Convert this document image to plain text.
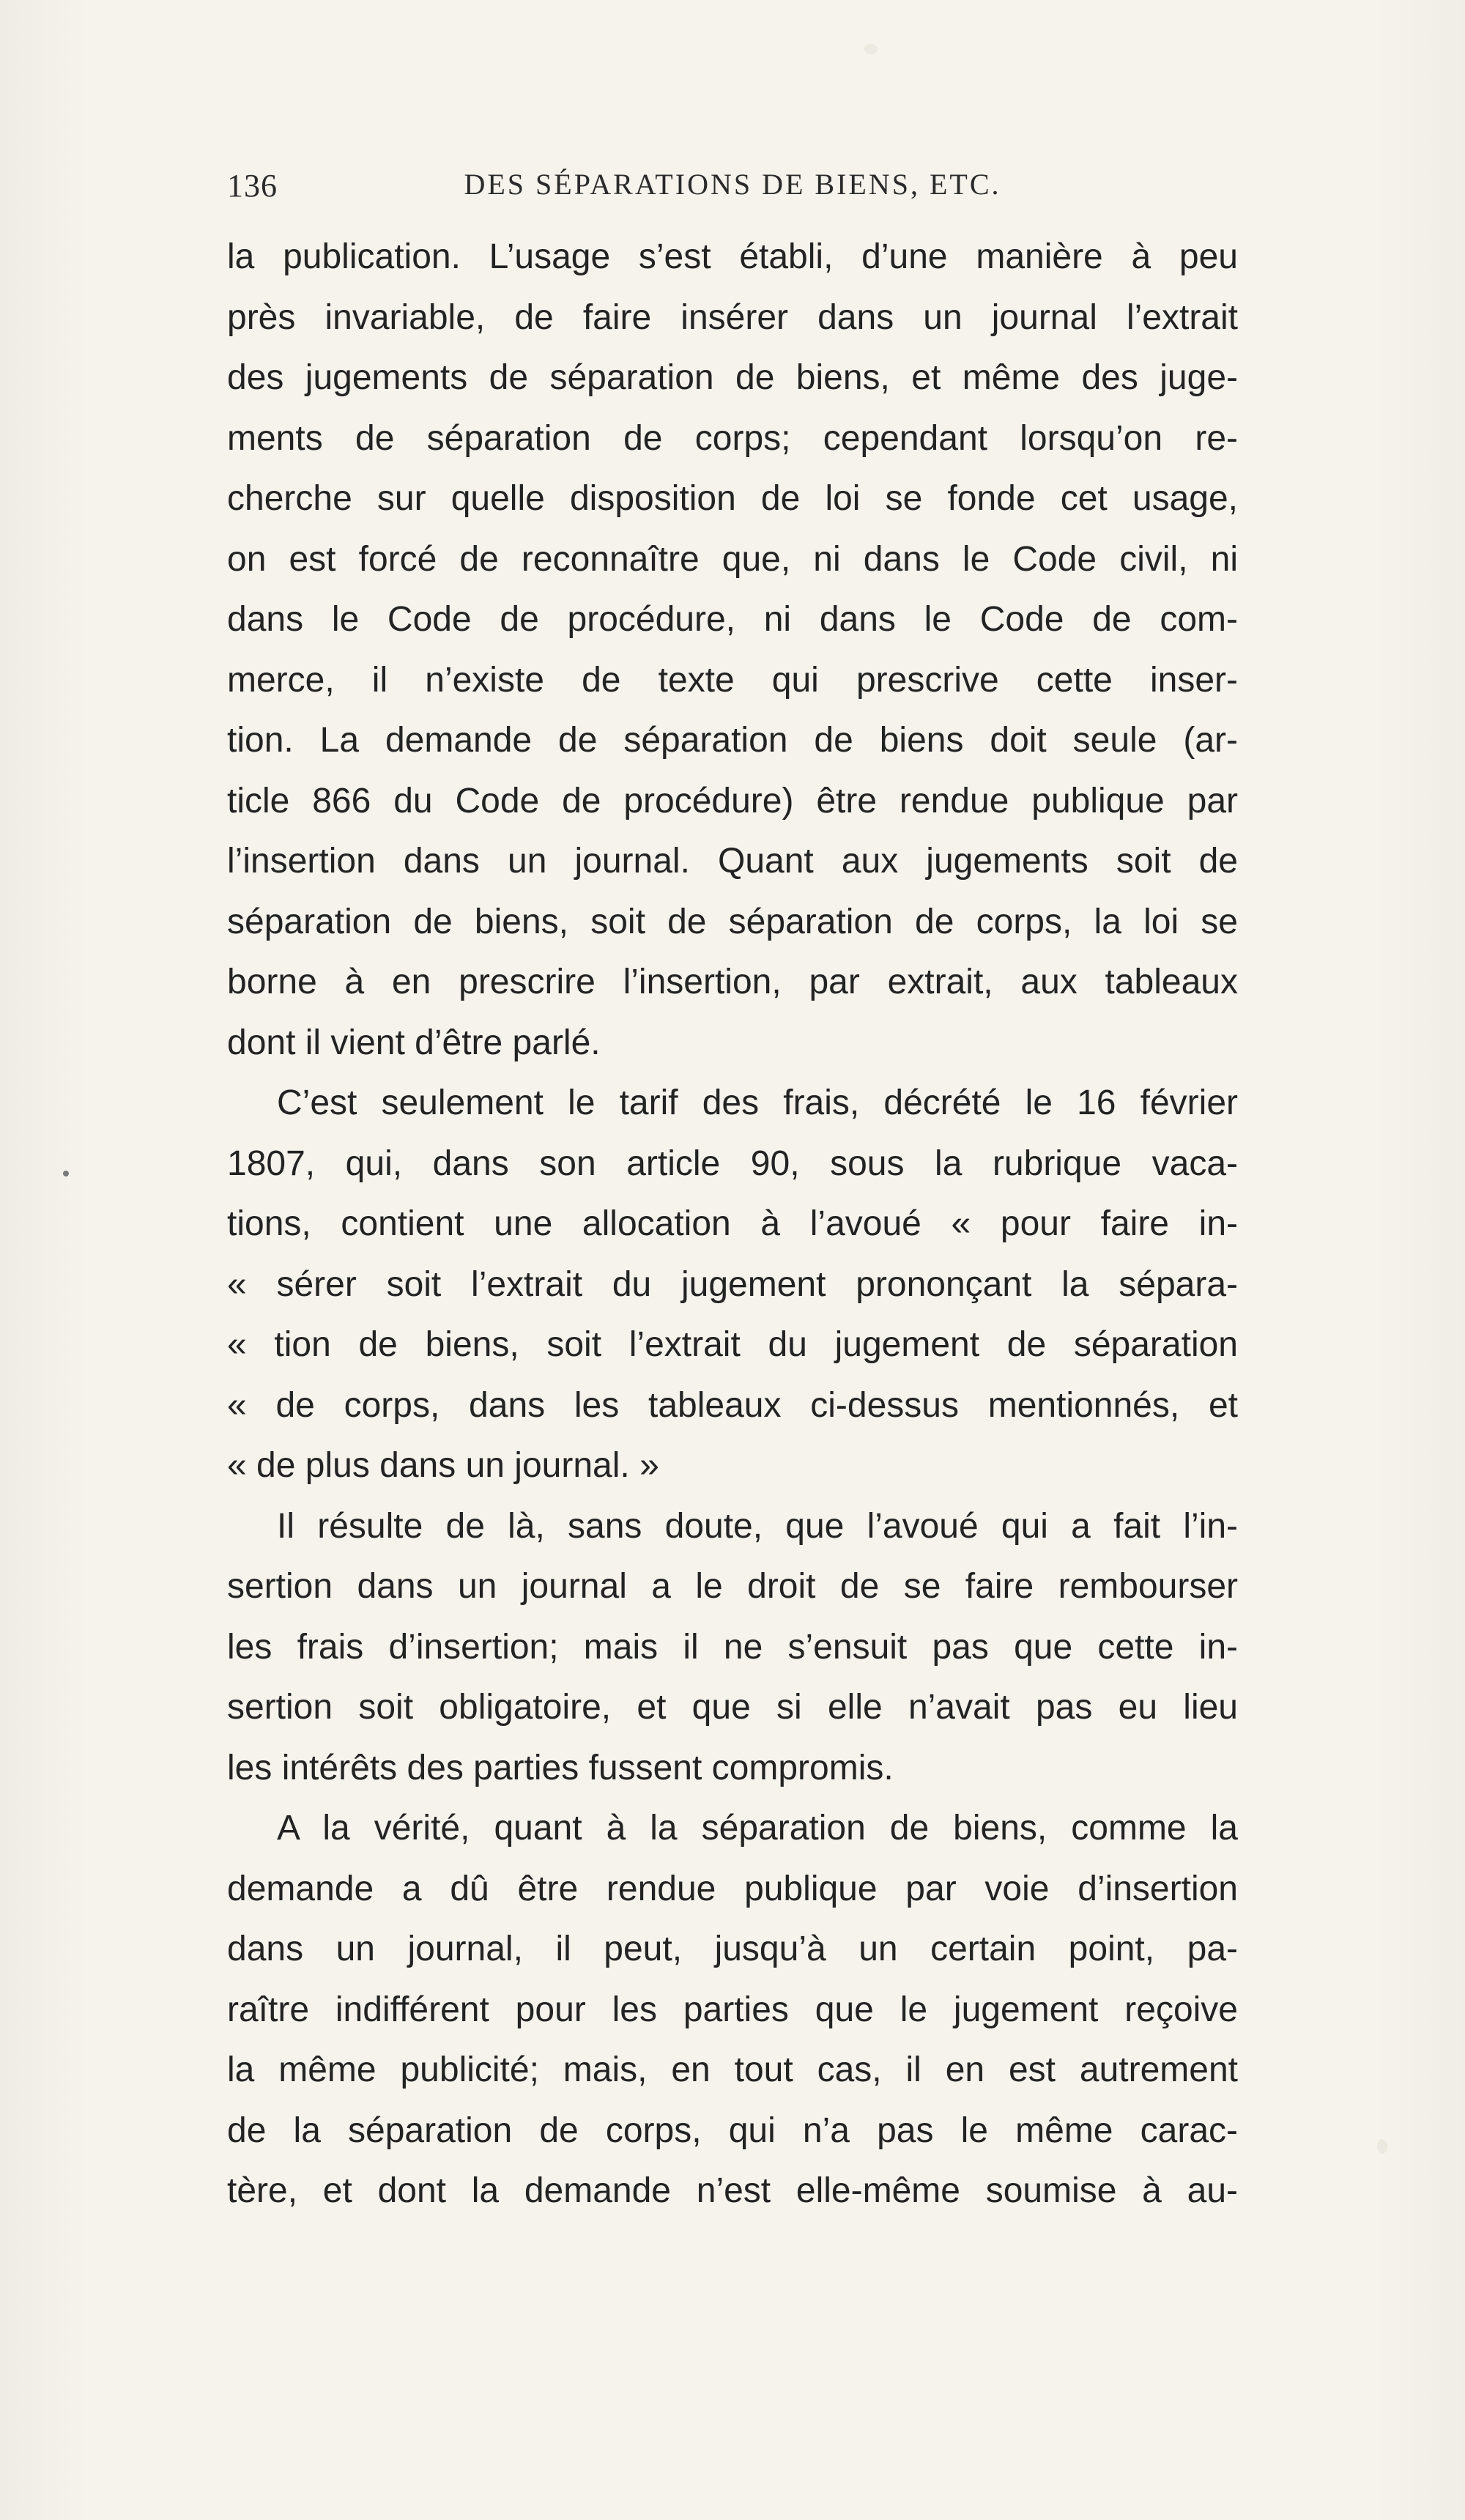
136	DES SÉPARATIONS DE BIENS, ETC.
la publication. L’usage s’est établi, d’une manière à peu
près invariable, de faire insérer dans un journal l’extrait
des jugements de séparation de biens, et même des juge-
ments de séparation de corps; cependant lorsqu’on re-
cherche sur quelle disposition de loi se fonde cet usage,
on est forcé de reconnaître que, ni dans le Code civil, ni
dans le Code de procédure, ni dans le Code de com-
merce, il n’existe de texte qui prescrive cette inser-
tion. La demande de séparation de biens doit seule (ar-
ticle 866 du Code de procédure) être rendue publique par
l’insertion dans un journal. Quant aux jugements soit de
séparation de biens, soit de séparation de corps, la loi se
borne à en prescrire l’insertion, par extrait, aux tableaux
dont il vient d’être parlé.
C’est seulement le tarif des frais, décrété le 16 février
1807, qui, dans son article 90, sous la rubrique vaca-
tions, contient une allocation à l’avoué « pour faire in-
« sérer soit l’extrait du jugement prononçant la sépara-
« tion de biens, soit l’extrait du jugement de séparation
« de corps, dans les tableaux ci-dessus mentionnés, et
« de plus dans un journal. »
Il résulte de là, sans doute, que l’avoué qui a fait l’in-
sertion dans un journal a le droit de se faire rembourser
les frais d’insertion; mais il ne s’ensuit pas que cette in-
sertion soit obligatoire, et que si elle n’avait pas eu lieu
les intérêts des parties fussent compromis.
A la vérité, quant à la séparation de biens, comme la
demande a dû être rendue publique par voie d’insertion
dans un journal, il peut, jusqu’à un certain point, pa-
raître indifférent pour les parties que le jugement reçoive
la même publicité; mais, en tout cas, il en est autrement
de la séparation de corps, qui n’a pas le même carac-
tère, et dont la demande n’est elle-même soumise à au-
